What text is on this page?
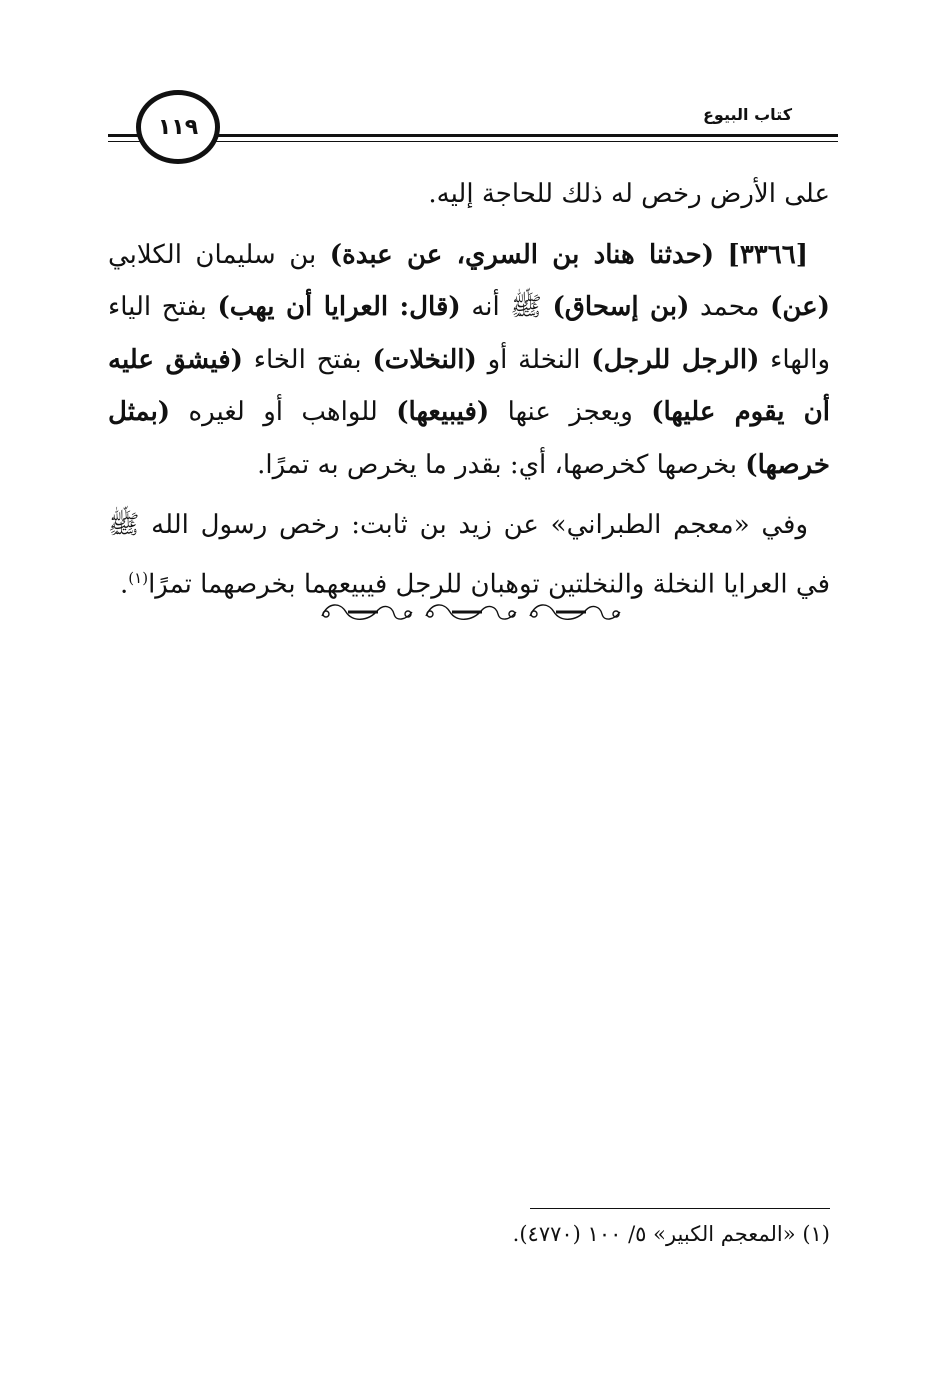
١١٩	كتاب البيوع

على الأرض رخص له ذلك للحاجة إليه.

[٣٣٦٦] (حدثنا هناد بن السري، عن عبدة) بن سليمان الكلابي (عن) محمد (بن إسحاق) ﷺ أنه (قال: العرايا أن يهب) بفتح الياء والهاء (الرجل للرجل) النخلة أو (النخلات) بفتح الخاء (فيشق عليه أن يقوم عليها) ويعجز عنها (فيبيعها) للواهب أو لغيره (بمثل خرصها) بخرصها كخرصها، أي: بقدر ما يخرص به تمرًا.

وفي «معجم الطبراني» عن زيد بن ثابت: رخص رسول الله ﷺ في العرايا النخلة والنخلتين توهبان للرجل فيبيعهما بخرصهما تمرًا$^{(١)}$.

(١) «المعجم الكبير» ٥/ ١٠٠ (٤٧٧٠).
